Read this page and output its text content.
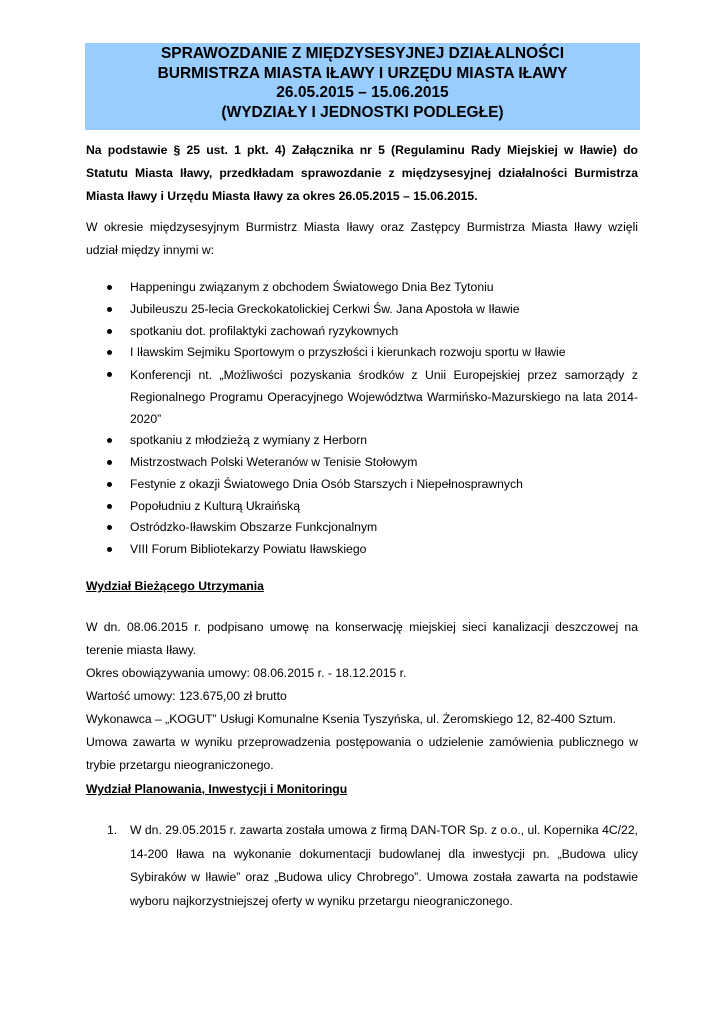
SPRAWOZDANIE Z MIĘDZYSESYJNEJ DZIAŁALNOŚCI
BURMISTRZA MIASTA IŁAWY I URZĘDU MIASTA IŁAWY
26.05.2015 – 15.06.2015
(WYDZIAŁY I JEDNOSTKI PODLEGŁE)
Na podstawie § 25 ust. 1 pkt. 4) Załącznika nr 5 (Regulaminu Rady Miejskiej w Iławie) do Statutu Miasta Iławy, przedkładam sprawozdanie z międzysesyjnej działalności Burmistrza Miasta Iławy i Urzędu Miasta Iławy za okres 26.05.2015 – 15.06.2015.
W okresie międzysesyjnym Burmistrz Miasta Iławy oraz Zastępcy Burmistrza Miasta Iławy wzięli udział między innymi w:
Happeningu związanym z obchodem Światowego Dnia Bez Tytoniu
Jubileuszu 25-lecia Greckokatolickiej Cerkwi Św. Jana Apostoła w Iławie
spotkaniu dot. profilaktyki zachowań ryzykownych
I Iławskim Sejmiku Sportowym o przyszłości i kierunkach rozwoju sportu w Iławie
Konferencji nt. „Możliwości pozyskania środków z Unii Europejskiej przez samorządy z Regionalnego Programu Operacyjnego Województwa Warmińsko-Mazurskiego na lata 2014-2020”
spotkaniu z młodzieżą z wymiany z Herborn
Mistrzostwach Polski Weteranów w Tenisie Stołowym
Festynie z okazji Światowego Dnia Osób Starszych i Niepełnosprawnych
Popołudniu z Kulturą Ukraińską
Ostródzko-Iławskim Obszarze Funkcjonalnym
VIII Forum Bibliotekarzy Powiatu Iławskiego
Wydział Bieżącego Utrzymania
W dn. 08.06.2015 r. podpisano umowę na konserwację miejskiej sieci kanalizacji deszczowej na terenie miasta Iławy.
Okres obowiązywania umowy: 08.06.2015 r. - 18.12.2015 r.
Wartość umowy: 123.675,00 zł brutto
Wykonawca – „KOGUT” Usługi Komunalne Ksenia Tyszyńska, ul. Żeromskiego 12, 82-400 Sztum.
Umowa zawarta w wyniku przeprowadzenia postępowania o udzielenie zamówienia publicznego w trybie przetargu nieograniczonego.
Wydział Planowania, Inwestycji i Monitoringu
1. W dn. 29.05.2015 r. zawarta została umowa z firmą DAN-TOR Sp. z o.o., ul. Kopernika 4C/22, 14-200 Iława na wykonanie dokumentacji budowlanej dla inwestycji pn. „Budowa ulicy Sybiraków w Iławie” oraz „Budowa ulicy Chrobrego”. Umowa została zawarta na podstawie wyboru najkorzystniejszej oferty w wyniku przetargu nieograniczonego.
